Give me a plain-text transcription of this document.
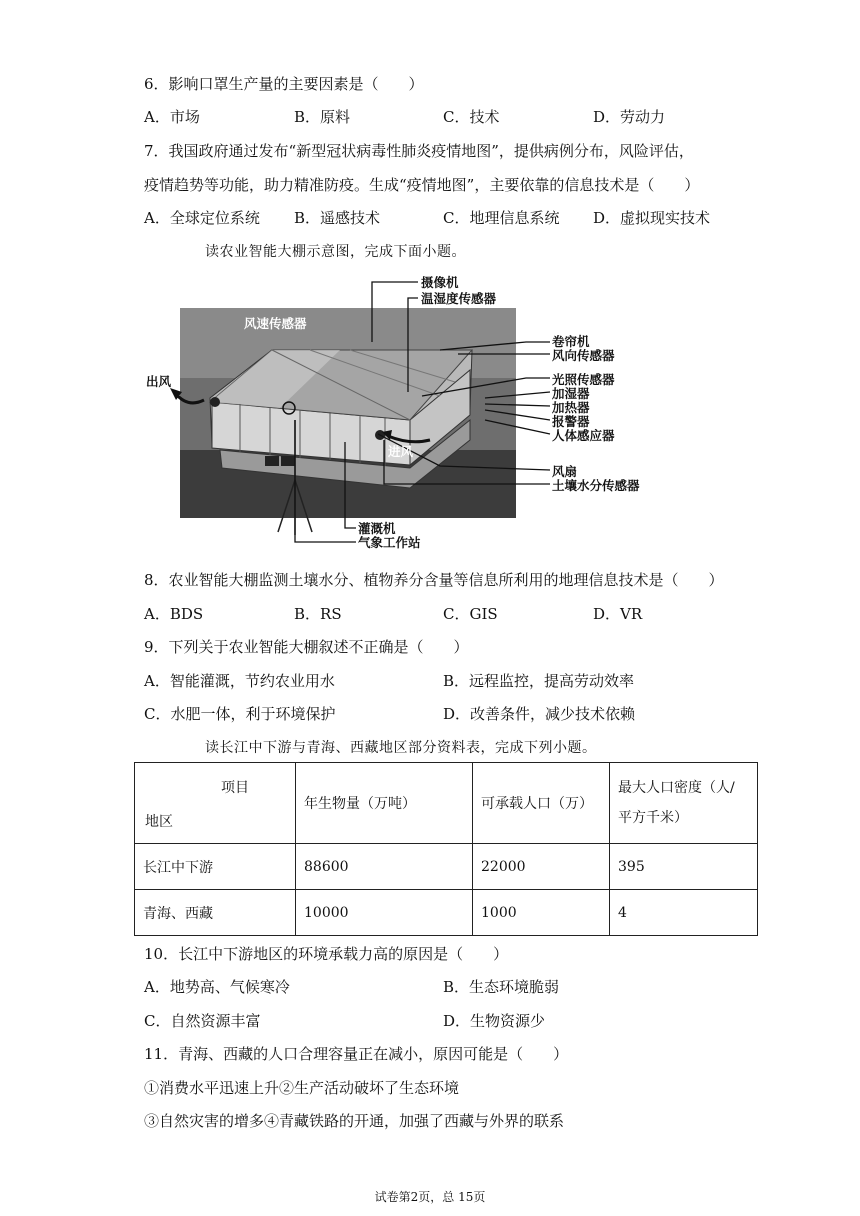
6．影响口罩生产量的主要因素是（　　）
A．市场	B．原料	C．技术	D．劳动力
7．我国政府通过发布“新型冠状病毒性肺炎疫情地图”，提供病例分布，风险评估，
疫情趋势等功能，助力精准防疫。生成“疫情地图”，主要依靠的信息技术是（　　）
A．全球定位系统 B．遥感技术	C．地理信息系统 D．虚拟现实技术
读农业智能大棚示意图，完成下面小题。
摄像机
温湿度传感器
风速传感器
卷帘机
风向传感器
出风	光照传感器
加湿器
加热器
报警器
人体感应器
进风
风扇
土壤水分传感器
灌溉机
气象工作站
8．农业智能大棚监测土壤水分、植物养分含量等信息所利用的地理信息技术是（　　）
A．BDS	B．RS	C．GIS	D．VR
9．下列关于农业智能大棚叙述不正确是（　　）
A．智能灌溉，节约农业用水	B．远程监控，提高劳动效率
C．水肥一体，利于环境保护	D．改善条件，减少技术依赖
读长江中下游与青海、西藏地区部分资料表，完成下列小题。
项目
地区	年生物量（万吨）	可承载人口（万）	最大人口密度（人/
平方千米）
长江中下游	88600	22000	395
青海、西藏	10000	1000	4
10．长江中下游地区的环境承载力高的原因是（　　）
A．地势高、气候寒冷	B．生态环境脆弱
C．自然资源丰富	D．生物资源少
11．青海、西藏的人口合理容量正在减小，原因可能是（　　）
①消费水平迅速上升②生产活动破坏了生态环境
③自然灾害的增多④青藏铁路的开通，加强了西藏与外界的联系
试卷第2页，总 15页
